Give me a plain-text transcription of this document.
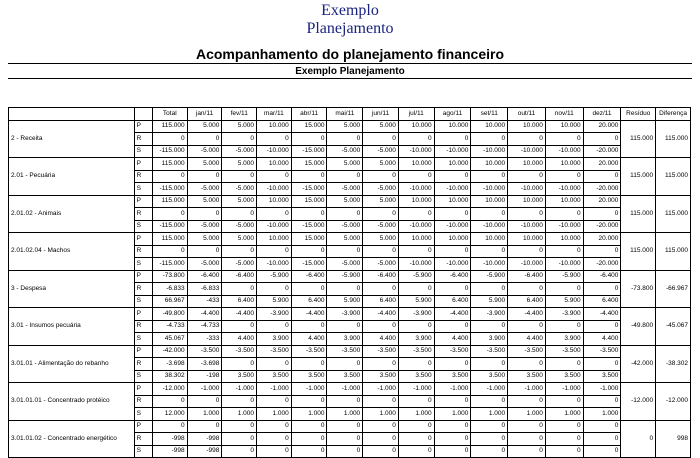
Exemplo
Planejamento
Acompanhamento do planejamento financeiro
Exemplo Planejamento
		Total	jan/11	fev/11	mar/11	abr/11	mai/11	jun/11	jul/11	ago/11	set/11	out/11	nov/11	dez/11	Resíduo	Diferença
2 - Receita	P	115.000	5.000	5.000	10.000	15.000	5.000	5.000	10.000	10.000	10.000	10.000	10.000	20.000	115.000	115.000
	R	0	0	0	0	0	0	0	0	0	0	0	0	0		
	S	-115.000	-5.000	-5.000	-10.000	-15.000	-5.000	-5.000	-10.000	-10.000	-10.000	-10.000	-10.000	-20.000		
2.01 - Pecuária	P	115.000	5.000	5.000	10.000	15.000	5.000	5.000	10.000	10.000	10.000	10.000	10.000	20.000	115.000	115.000
	R	0	0	0	0	0	0	0	0	0	0	0	0	0		
	S	-115.000	-5.000	-5.000	-10.000	-15.000	-5.000	-5.000	-10.000	-10.000	-10.000	-10.000	-10.000	-20.000		
2.01.02 - Animais	P	115.000	5.000	5.000	10.000	15.000	5.000	5.000	10.000	10.000	10.000	10.000	10.000	20.000	115.000	115.000
	R	0	0	0	0	0	0	0	0	0	0	0	0	0		
	S	-115.000	-5.000	-5.000	-10.000	-15.000	-5.000	-5.000	-10.000	-10.000	-10.000	-10.000	-10.000	-20.000		
2.01.02.04 - Machos	P	115.000	5.000	5.000	10.000	15.000	5.000	5.000	10.000	10.000	10.000	10.000	10.000	20.000	115.000	115.000
	R	0	0	0	0	0	0	0	0	0	0	0	0	0		
	S	-115.000	-5.000	-5.000	-10.000	-15.000	-5.000	-5.000	-10.000	-10.000	-10.000	-10.000	-10.000	-20.000		
3 - Despesa	P	-73.800	-6.400	-6.400	-5.900	-6.400	-5.900	-6.400	-5.900	-6.400	-5.900	-6.400	-5.900	-6.400	-73.800	-66.967
	R	-6.833	-6.833	0	0	0	0	0	0	0	0	0	0	0		
	S	66.967	-433	6.400	5.900	6.400	5.900	6.400	5.900	6.400	5.900	6.400	5.900	6.400		
3.01 - Insumos pecuária	P	-49.800	-4.400	-4.400	-3.900	-4.400	-3.900	-4.400	-3.900	-4.400	-3.900	-4.400	-3.900	-4.400	-49.800	-45.067
	R	-4.733	-4.733	0	0	0	0	0	0	0	0	0	0	0		
	S	45.067	-333	4.400	3.900	4.400	3.900	4.400	3.900	4.400	3.900	4.400	3.900	4.400		
3.01.01 - Alimentação do rebanho	P	-42.000	-3.500	-3.500	-3.500	-3.500	-3.500	-3.500	-3.500	-3.500	-3.500	-3.500	-3.500	-3.500	-42.000	-38.302
	R	-3.698	-3.698	0	0	0	0	0	0	0	0	0	0	0		
	S	38.302	-198	3.500	3.500	3.500	3.500	3.500	3.500	3.500	3.500	3.500	3.500	3.500		
3.01.01.01 - Concentrado protéico	P	-12.000	-1.000	-1.000	-1.000	-1.000	-1.000	-1.000	-1.000	-1.000	-1.000	-1.000	-1.000	-1.000	-12.000	-12.000
	R	0	0	0	0	0	0	0	0	0	0	0	0	0		
	S	12.000	1.000	1.000	1.000	1.000	1.000	1.000	1.000	1.000	1.000	1.000	1.000	1.000		
3.01.01.02 - Concentrado energético	P	0	0	0	0	0	0	0	0	0	0	0	0	0	0	998
	R	-998	-998	0	0	0	0	0	0	0	0	0	0	0		
	S	-998	-998	0	0	0	0	0	0	0	0	0	0	0		
